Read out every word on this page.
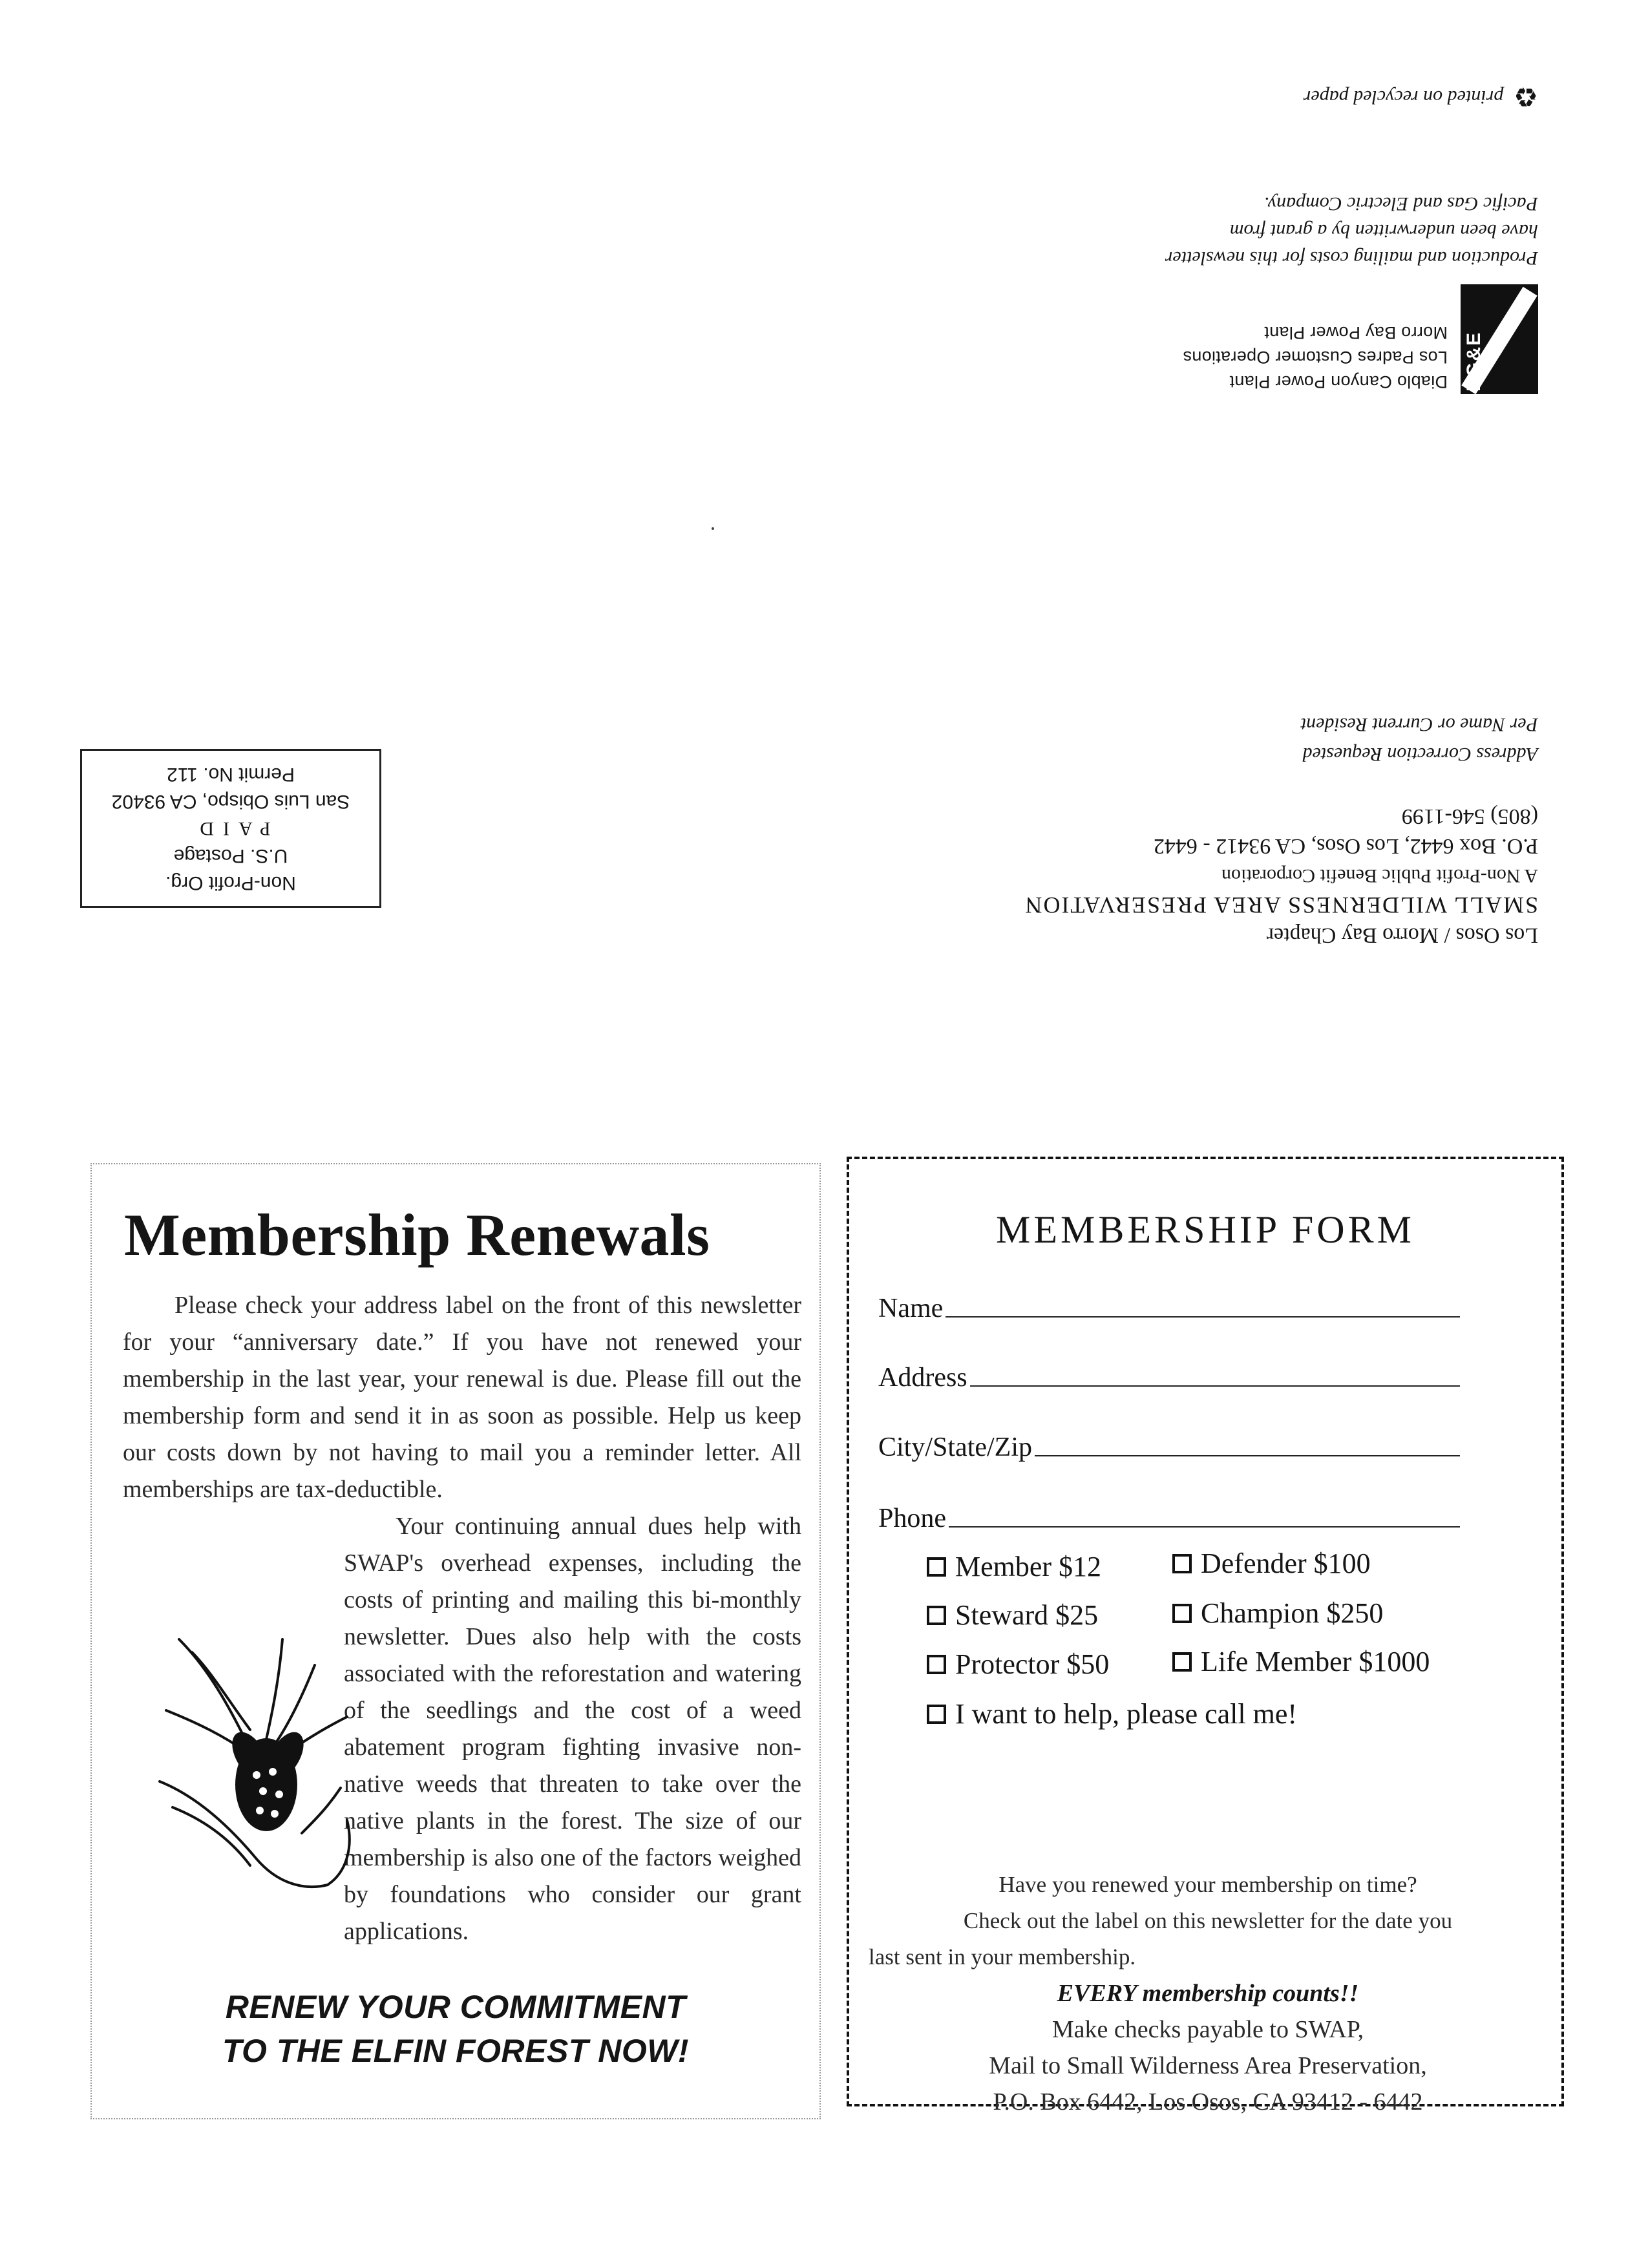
♻
printed on recycled paper
PG&E
Diablo Canyon Power Plant
Los Padres Customer Operations
Morro Bay Power Plant
Production and mailing costs for this newsletter
have been underwritten by a grant from
Pacific Gas and Electric Company.
Los Osos / Morro Bay Chapter
SMALL WILDERNESS AREA PRESERVATION
A Non-Profit Public Benefit Corporation
P.O. Box 6442, Los Osos, CA 93412 - 6442
(805) 546-1199
Address Correction Requested
Per Name or Current Resident
Non-Profit Org.
U.S. Postage
PAID
San Luis Obispo, CA 93402
Permit No. 112
Membership Renewals

Please check your address label on the front of this newsletter for your “anniversary date.” If you have not renewed your membership in the last year, your renewal is due. Please fill out the membership form and send it in as soon as possible. Help us keep our costs down by not having to mail you a reminder letter. All memberships are tax-deductible.

Your continuing annual dues help with SWAP's overhead expenses, including the costs of printing and mailing this bi-monthly newsletter. Dues also help with the costs associated with the reforestation and watering of the seedlings and the cost of a weed abatement program fighting invasive non-native weeds that threaten to take over the native plants in the forest. The size of our membership is also one of the factors weighed by foundations who consider our grant applications.

RENEW YOUR COMMITMENT
TO THE ELFIN FOREST NOW!
MEMBERSHIP FORM
Name
Address
City/State/Zip
Phone
Member $12	Defender $100
Steward $25	Champion $250
Protector $50	Life Member $1000
I want to help, please call me!
Have you renewed your membership on time?
Check out the label on this newsletter for the date you
last sent in your membership.
EVERY membership counts!!
Make checks payable to SWAP,
Mail to Small Wilderness Area Preservation,
P.O. Box 6442, Los Osos, CA 93412 - 6442
